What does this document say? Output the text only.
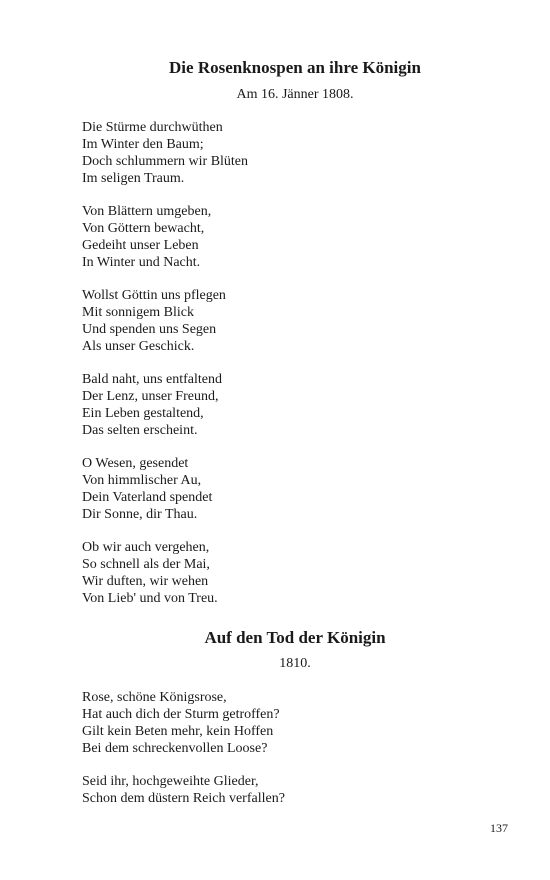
Die Rosenknospen an ihre Königin
Am 16. Jänner 1808.
Die Stürme durchwüthen
Im Winter den Baum;
Doch schlummern wir Blüten
Im seligen Traum.
Von Blättern umgeben,
Von Göttern bewacht,
Gedeiht unser Leben
In Winter und Nacht.
Wollst Göttin uns pflegen
Mit sonnigem Blick
Und spenden uns Segen
Als unser Geschick.
Bald naht, uns entfaltend
Der Lenz, unser Freund,
Ein Leben gestaltend,
Das selten erscheint.
O Wesen, gesendet
Von himmlischer Au,
Dein Vaterland spendet
Dir Sonne, dir Thau.
Ob wir auch vergehen,
So schnell als der Mai,
Wir duften, wir wehen
Von Lieb' und von Treu.
Auf den Tod der Königin
1810.
Rose, schöne Königsrose,
Hat auch dich der Sturm getroffen?
Gilt kein Beten mehr, kein Hoffen
Bei dem schreckenvollen Loose?
Seid ihr, hochgeweihte Glieder,
Schon dem düstern Reich verfallen?
137
